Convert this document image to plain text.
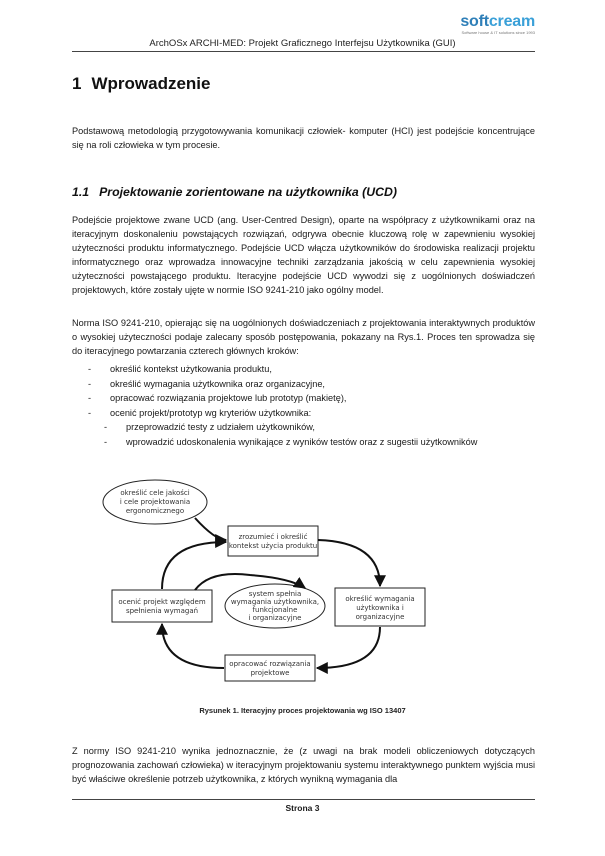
softcream
Software house & IT solutions since 1993
ArchOSx ARCHI-MED: Projekt Graficznego Interfejsu Użytkownika (GUI)
1 Wprowadzenie
Podstawową metodologią przygotowywania komunikacji człowiek- komputer (HCI) jest podejście koncentrujące się na roli człowieka w tym procesie.
1.1 Projektowanie zorientowane na użytkownika (UCD)
Podejście projektowe zwane UCD (ang. User-Centred Design), oparte na współpracy z użytkownikami oraz na iteracyjnym doskonaleniu powstających rozwiązań, odgrywa obecnie kluczową rolę w zapewnieniu wysokiej użyteczności produktu informatycznego. Podejście UCD włącza użytkowników do środowiska realizacji projektu informatycznego oraz wprowadza innowacyjne techniki zarządzania jakością w celu zapewnienia wysokiej użyteczności powstającego produktu. Iteracyjne podejście UCD wywodzi się z uogólnionych doświadczeń projektowych, które zostały ujęte w normie ISO 9241-210 jako ogólny model.
Norma ISO 9241-210, opierając się na uogólnionych doświadczeniach z projektowania interaktywnych produktów o wysokiej użyteczności podaje zalecany sposób postępowania, pokazany na Rys.1. Proces ten sprowadza się do iteracyjnego powtarzania czterech głównych kroków:
- określić kontekst użytkowania produktu,
- określić wymagania użytkownika oraz organizacyjne,
- opracować rozwiązania projektowe lub prototyp (makietę),
- ocenić projekt/prototyp wg kryteriów użytkownika:
- przeprowadzić testy z udziałem użytkowników,
- wprowadzić udoskonalenia wynikające z wyników testów oraz z sugestii użytkowników
określić cele jakości
i cele projektowania
ergonomicznego
zrozumieć i określić
kontekst użycia produktu
ocenić projekt względem
spełnienia wymagań
system spełnia
wymagania użytkownika,
funkcjonalne
i organizacyjne
określić wymagania
użytkownika i
organizacyjne
opracować rozwiązania
projektowe
Rysunek 1. Iteracyjny proces projektowania wg ISO 13407
Z normy ISO 9241-210 wynika jednoznacznie, że (z uwagi na brak modeli obliczeniowych dotyczących prognozowania zachowań człowieka) w iteracyjnym projektowaniu systemu interaktywnego punktem wyjścia musi być właściwe określenie potrzeb użytkownika, z których wynikną wymagania dla
Strona 3
